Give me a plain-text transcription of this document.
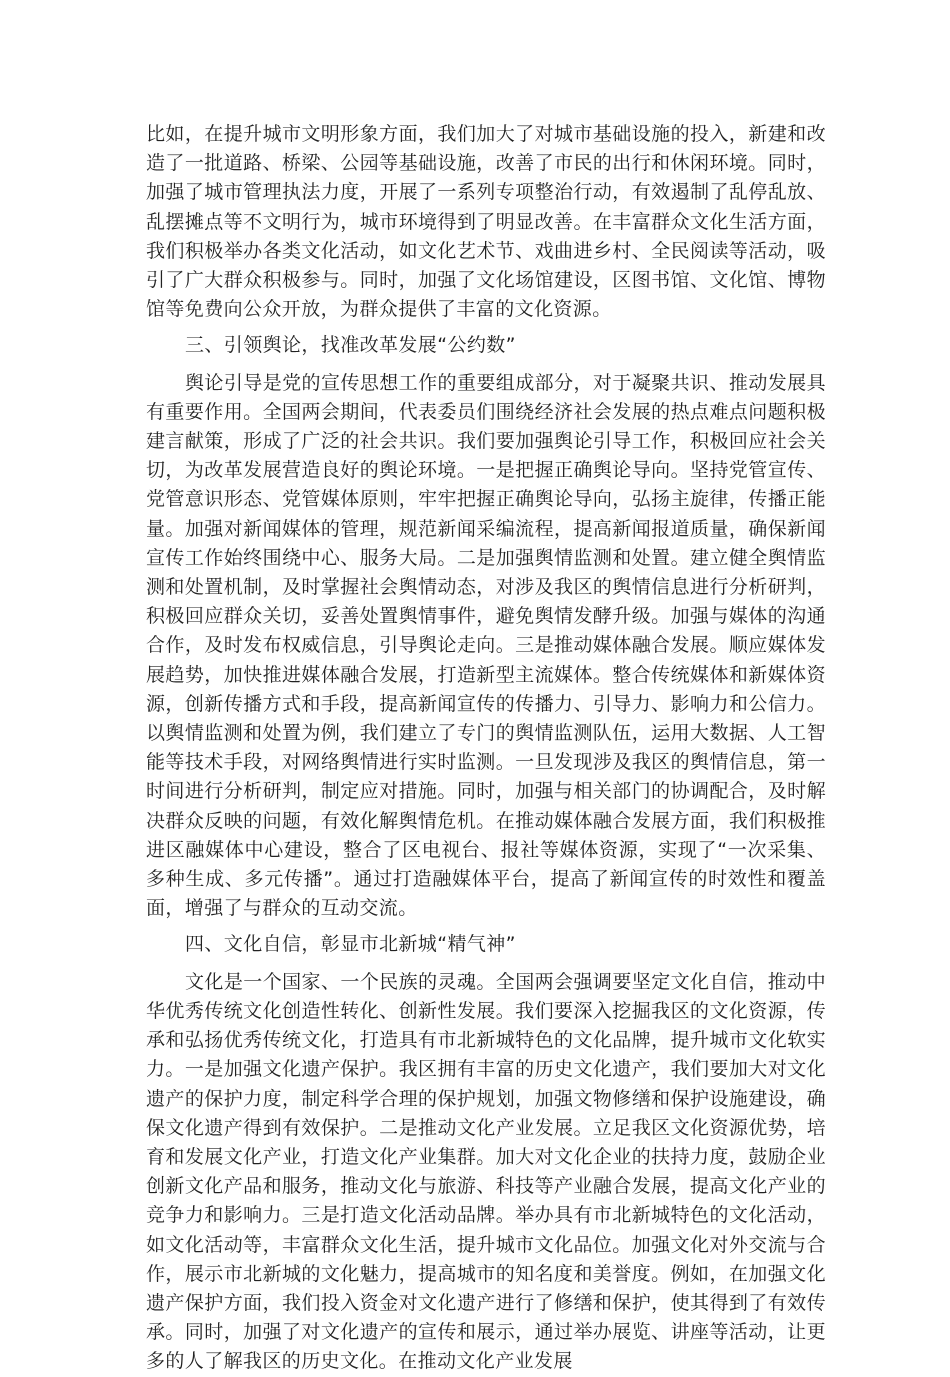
比如，在提升城市文明形象方面，我们加大了对城市基础设施的投入，新建和改造了一批道路、桥梁、公园等基础设施，改善了市民的出行和休闲环境。同时，加强了城市管理执法力度，开展了一系列专项整治行动，有效遏制了乱停乱放、乱摆摊点等不文明行为，城市环境得到了明显改善。在丰富群众文化生活方面，我们积极举办各类文化活动，如文化艺术节、戏曲进乡村、全民阅读等活动，吸引了广大群众积极参与。同时，加强了文化场馆建设，区图书馆、文化馆、博物馆等免费向公众开放，为群众提供了丰富的文化资源。

三、引领舆论，找准改革发展“公约数”

舆论引导是党的宣传思想工作的重要组成部分，对于凝聚共识、推动发展具有重要作用。全国两会期间，代表委员们围绕经济社会发展的热点难点问题积极建言献策，形成了广泛的社会共识。我们要加强舆论引导工作，积极回应社会关切，为改革发展营造良好的舆论环境。一是把握正确舆论导向。坚持党管宣传、党管意识形态、党管媒体原则，牢牢把握正确舆论导向，弘扬主旋律，传播正能量。加强对新闻媒体的管理，规范新闻采编流程，提高新闻报道质量，确保新闻宣传工作始终围绕中心、服务大局。二是加强舆情监测和处置。建立健全舆情监测和处置机制，及时掌握社会舆情动态，对涉及我区的舆情信息进行分析研判，积极回应群众关切，妥善处置舆情事件，避免舆情发酵升级。加强与媒体的沟通合作，及时发布权威信息，引导舆论走向。三是推动媒体融合发展。顺应媒体发展趋势，加快推进媒体融合发展，打造新型主流媒体。整合传统媒体和新媒体资源，创新传播方式和手段，提高新闻宣传的传播力、引导力、影响力和公信力。以舆情监测和处置为例，我们建立了专门的舆情监测队伍，运用大数据、人工智能等技术手段，对网络舆情进行实时监测。一旦发现涉及我区的舆情信息，第一时间进行分析研判，制定应对措施。同时，加强与相关部门的协调配合，及时解决群众反映的问题，有效化解舆情危机。在推动媒体融合发展方面，我们积极推进区融媒体中心建设，整合了区电视台、报社等媒体资源，实现了“一次采集、多种生成、多元传播”。通过打造融媒体平台，提高了新闻宣传的时效性和覆盖面，增强了与群众的互动交流。

四、文化自信，彰显市北新城“精气神”

文化是一个国家、一个民族的灵魂。全国两会强调要坚定文化自信，推动中华优秀传统文化创造性转化、创新性发展。我们要深入挖掘我区的文化资源，传承和弘扬优秀传统文化，打造具有市北新城特色的文化品牌，提升城市文化软实力。一是加强文化遗产保护。我区拥有丰富的历史文化遗产，我们要加大对文化遗产的保护力度，制定科学合理的保护规划，加强文物修缮和保护设施建设，确保文化遗产得到有效保护。二是推动文化产业发展。立足我区文化资源优势，培育和发展文化产业，打造文化产业集群。加大对文化企业的扶持力度，鼓励企业创新文化产品和服务，推动文化与旅游、科技等产业融合发展，提高文化产业的竞争力和影响力。三是打造文化活动品牌。举办具有市北新城特色的文化活动，如文化活动等，丰富群众文化生活，提升城市文化品位。加强文化对外交流与合作，展示市北新城的文化魅力，提高城市的知名度和美誉度。例如，在加强文化遗产保护方面，我们投入资金对文化遗产进行了修缮和保护，使其得到了有效传承。同时，加强了对文化遗产的宣传和展示，通过举办展览、讲座等活动，让更多的人了解我区的历史文化。在推动文化产业发展
